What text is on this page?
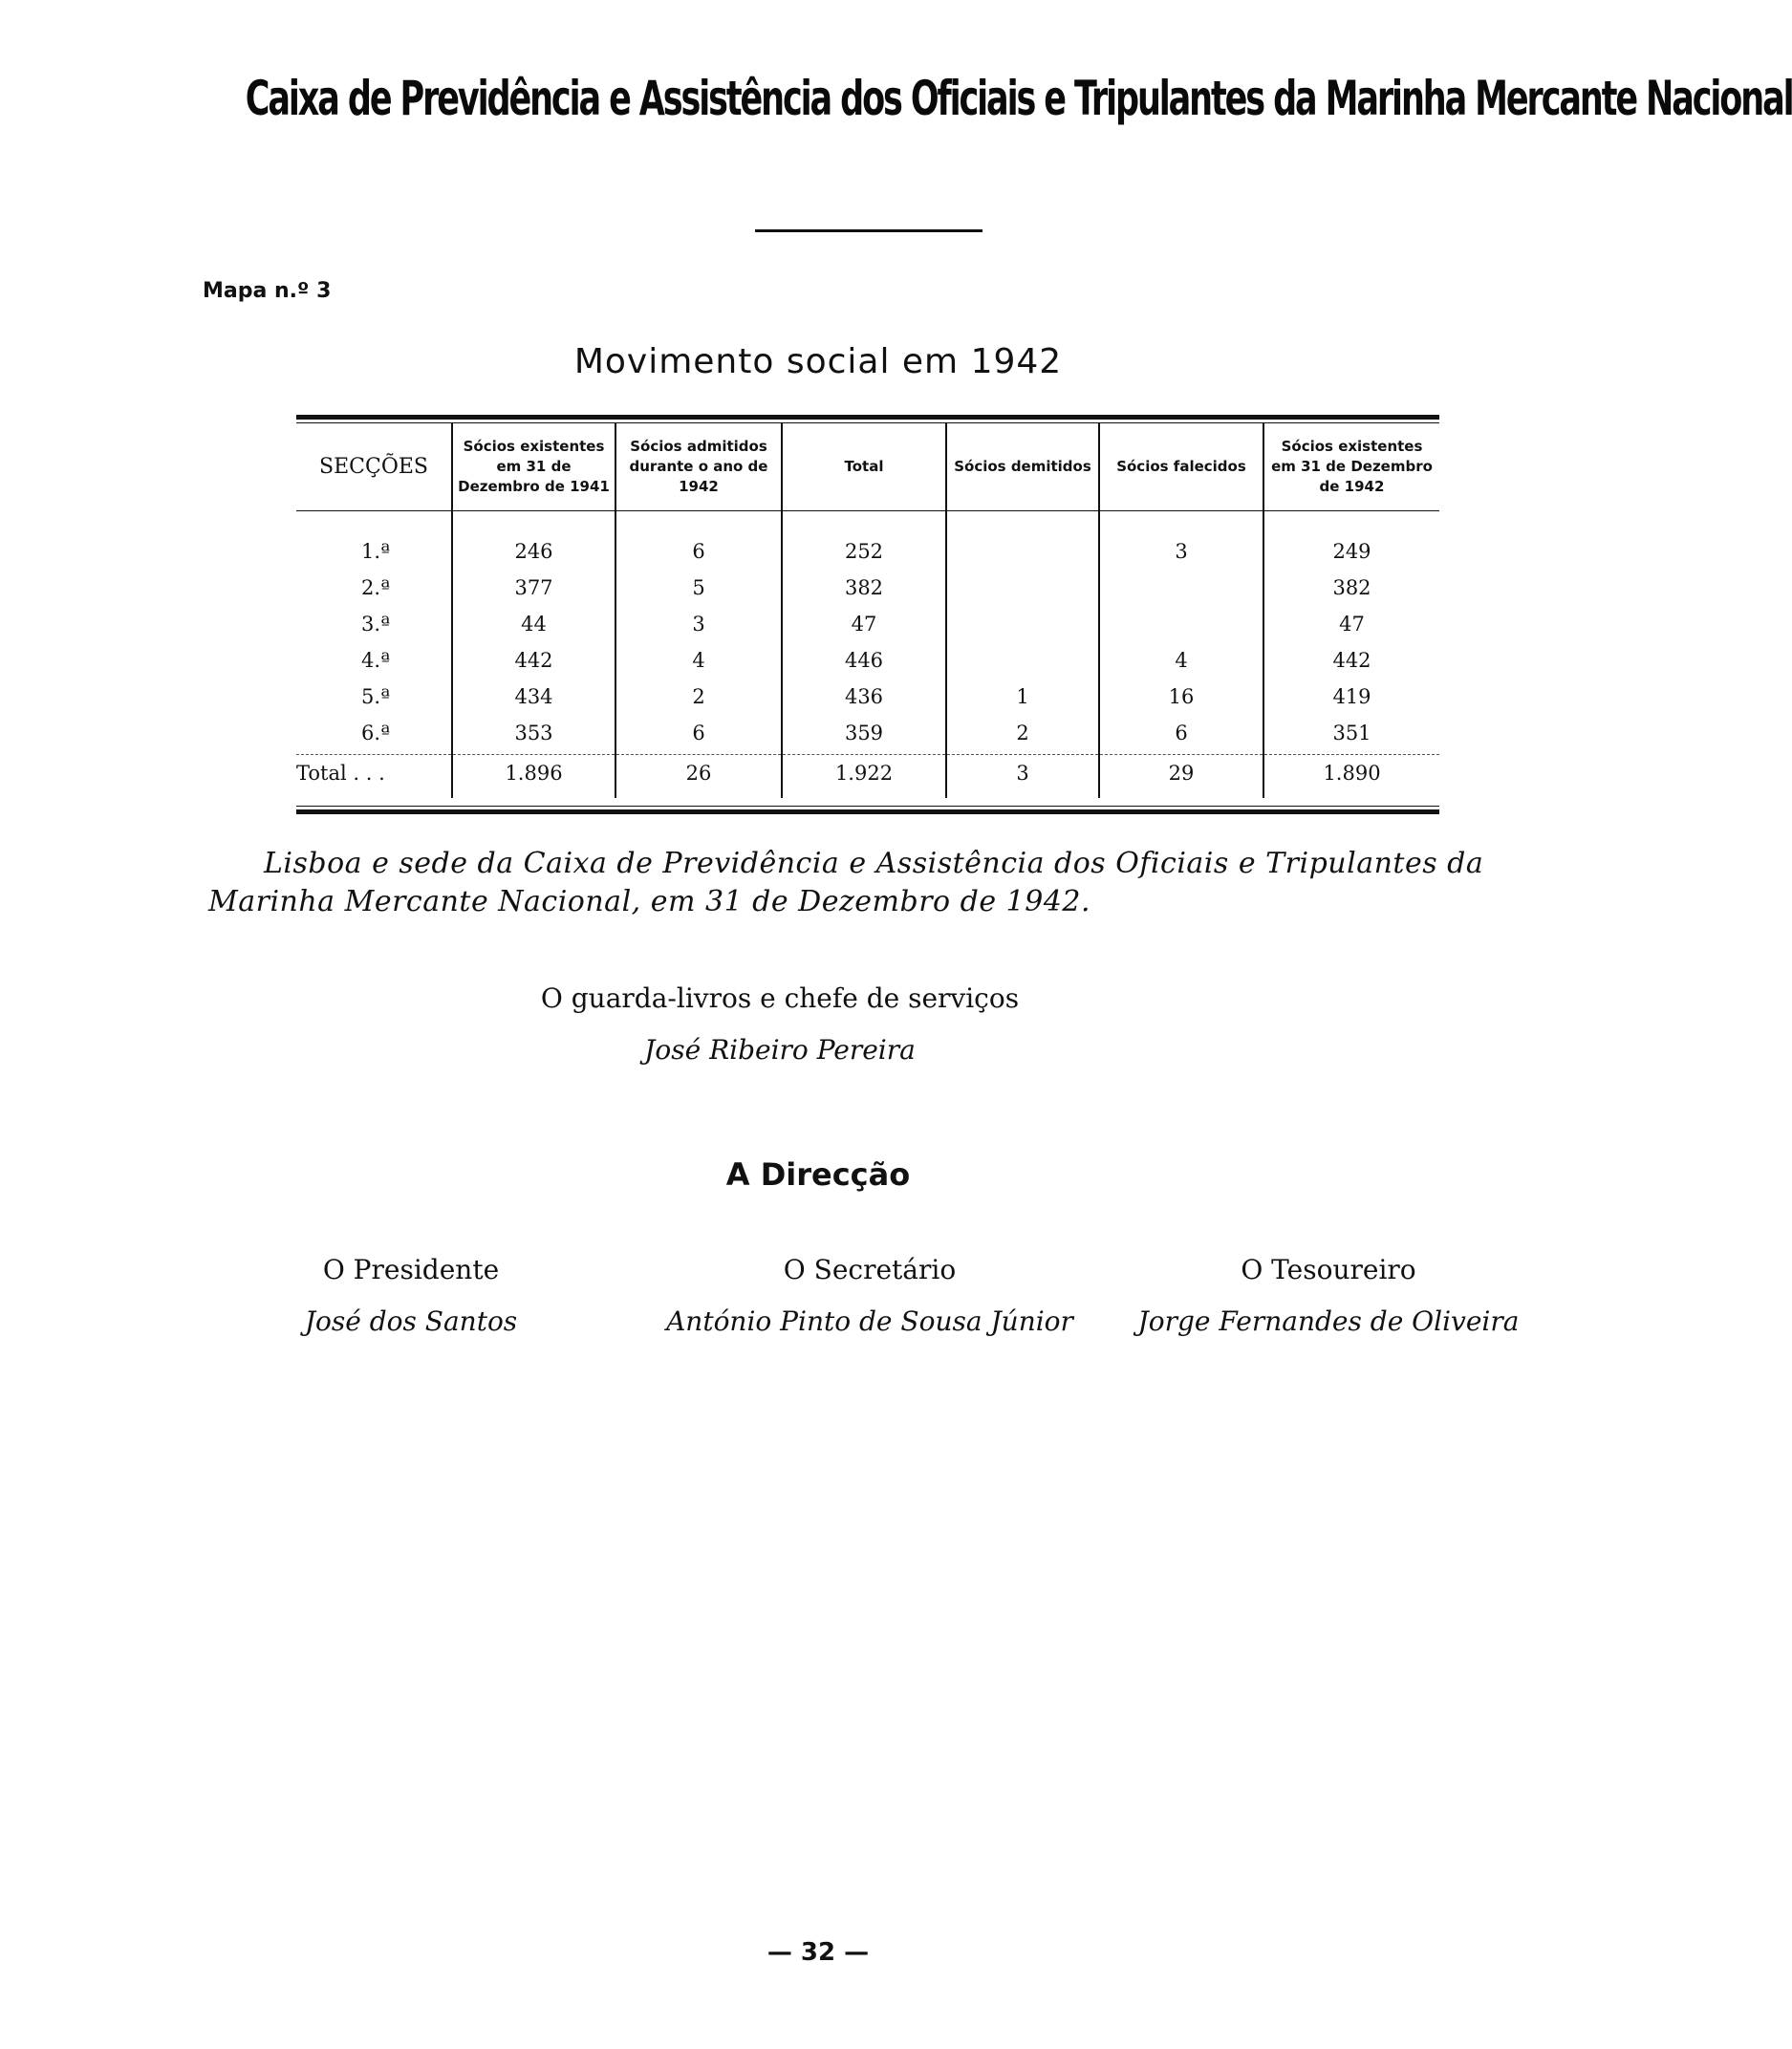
Caixa de Previdência e Assistência dos Oficiais e Tripulantes da Marinha Mercante Nacional
Mapa n.º 3
Movimento social em 1942
SECÇÕES	Sócios existentes em 31 de Dezembro de 1941	Sócios admitidos durante o ano de 1942	Total	Sócios demitidos	Sócios falecidos	Sócios existentes em 31 de Dezembro de 1942
1.ª	246	6	252		3	249
2.ª	377	5	382			382
3.ª	44	3	47			47
4.ª	442	4	446		4	442
5.ª	434	2	436	1	16	419
6.ª	353	6	359	2	6	351
Total . . .	1.896	26	1.922	3	29	1.890
Lisboa e sede da Caixa de Previdência e Assistência dos Oficiais e Tripulantes da Marinha Mercante Nacional, em 31 de Dezembro de 1942.
O guarda-livros e chefe de serviços
José Ribeiro Pereira
A Direcção
O Presidente
José dos Santos
O Secretário
António Pinto de Sousa Júnior
O Tesoureiro
Jorge Fernandes de Oliveira
— 32 —
